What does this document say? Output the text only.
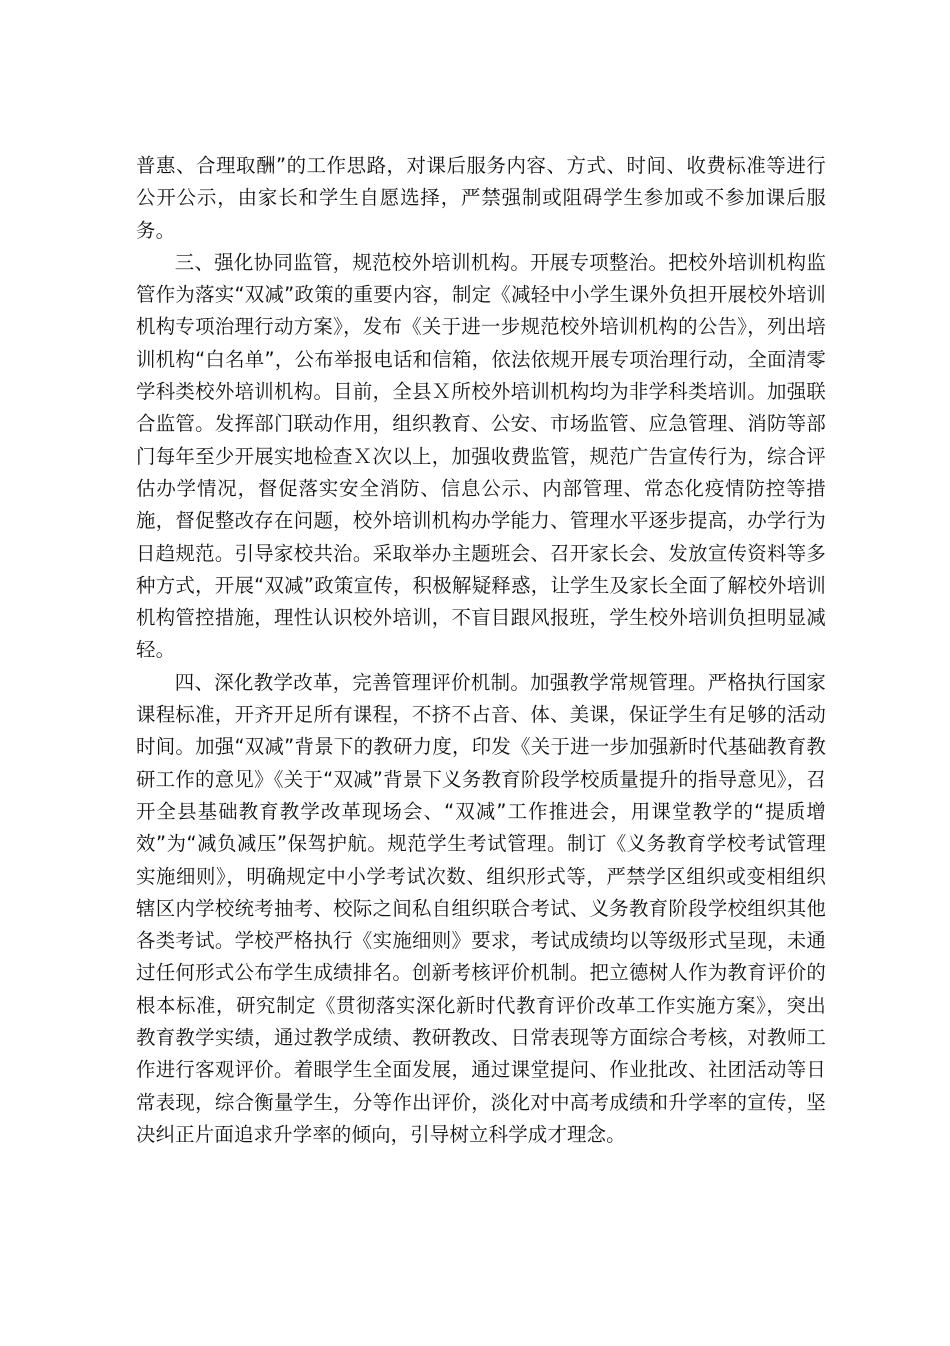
普惠、合理取酬”的工作思路，对课后服务内容、方式、时间、收费标准等进行公开公示，由家长和学生自愿选择，严禁强制或阻碍学生参加或不参加课后服务。

三、强化协同监管，规范校外培训机构。开展专项整治。把校外培训机构监管作为落实“双减”政策的重要内容，制定《减轻中小学生课外负担开展校外培训机构专项治理行动方案》，发布《关于进一步规范校外培训机构的公告》，列出培训机构“白名单”，公布举报电话和信箱，依法依规开展专项治理行动，全面清零学科类校外培训机构。目前，全县Ｘ所校外培训机构均为非学科类培训。加强联合监管。发挥部门联动作用，组织教育、公安、市场监管、应急管理、消防等部门每年至少开展实地检查Ｘ次以上，加强收费监管，规范广告宣传行为，综合评估办学情况，督促落实安全消防、信息公示、内部管理、常态化疫情防控等措施，督促整改存在问题，校外培训机构办学能力、管理水平逐步提高，办学行为日趋规范。引导家校共治。采取举办主题班会、召开家长会、发放宣传资料等多种方式，开展“双减”政策宣传，积极解疑释惑，让学生及家长全面了解校外培训机构管控措施，理性认识校外培训，不盲目跟风报班，学生校外培训负担明显减轻。

四、深化教学改革，完善管理评价机制。加强教学常规管理。严格执行国家课程标准，开齐开足所有课程，不挤不占音、体、美课，保证学生有足够的活动时间。加强“双减”背景下的教研力度，印发《关于进一步加强新时代基础教育教研工作的意见》《关于“双减”背景下义务教育阶段学校质量提升的指导意见》，召开全县基础教育教学改革现场会、“双减”工作推进会，用课堂教学的“提质增效”为“减负减压”保驾护航。规范学生考试管理。制订《义务教育学校考试管理实施细则》，明确规定中小学考试次数、组织形式等，严禁学区组织或变相组织辖区内学校统考抽考、校际之间私自组织联合考试、义务教育阶段学校组织其他各类考试。学校严格执行《实施细则》要求，考试成绩均以等级形式呈现，未通过任何形式公布学生成绩排名。创新考核评价机制。把立德树人作为教育评价的根本标准，研究制定《贯彻落实深化新时代教育评价改革工作实施方案》，突出教育教学实绩，通过教学成绩、教研教改、日常表现等方面综合考核，对教师工作进行客观评价。着眼学生全面发展，通过课堂提问、作业批改、社团活动等日常表现，综合衡量学生，分等作出评价，淡化对中高考成绩和升学率的宣传，坚决纠正片面追求升学率的倾向，引导树立科学成才理念。
